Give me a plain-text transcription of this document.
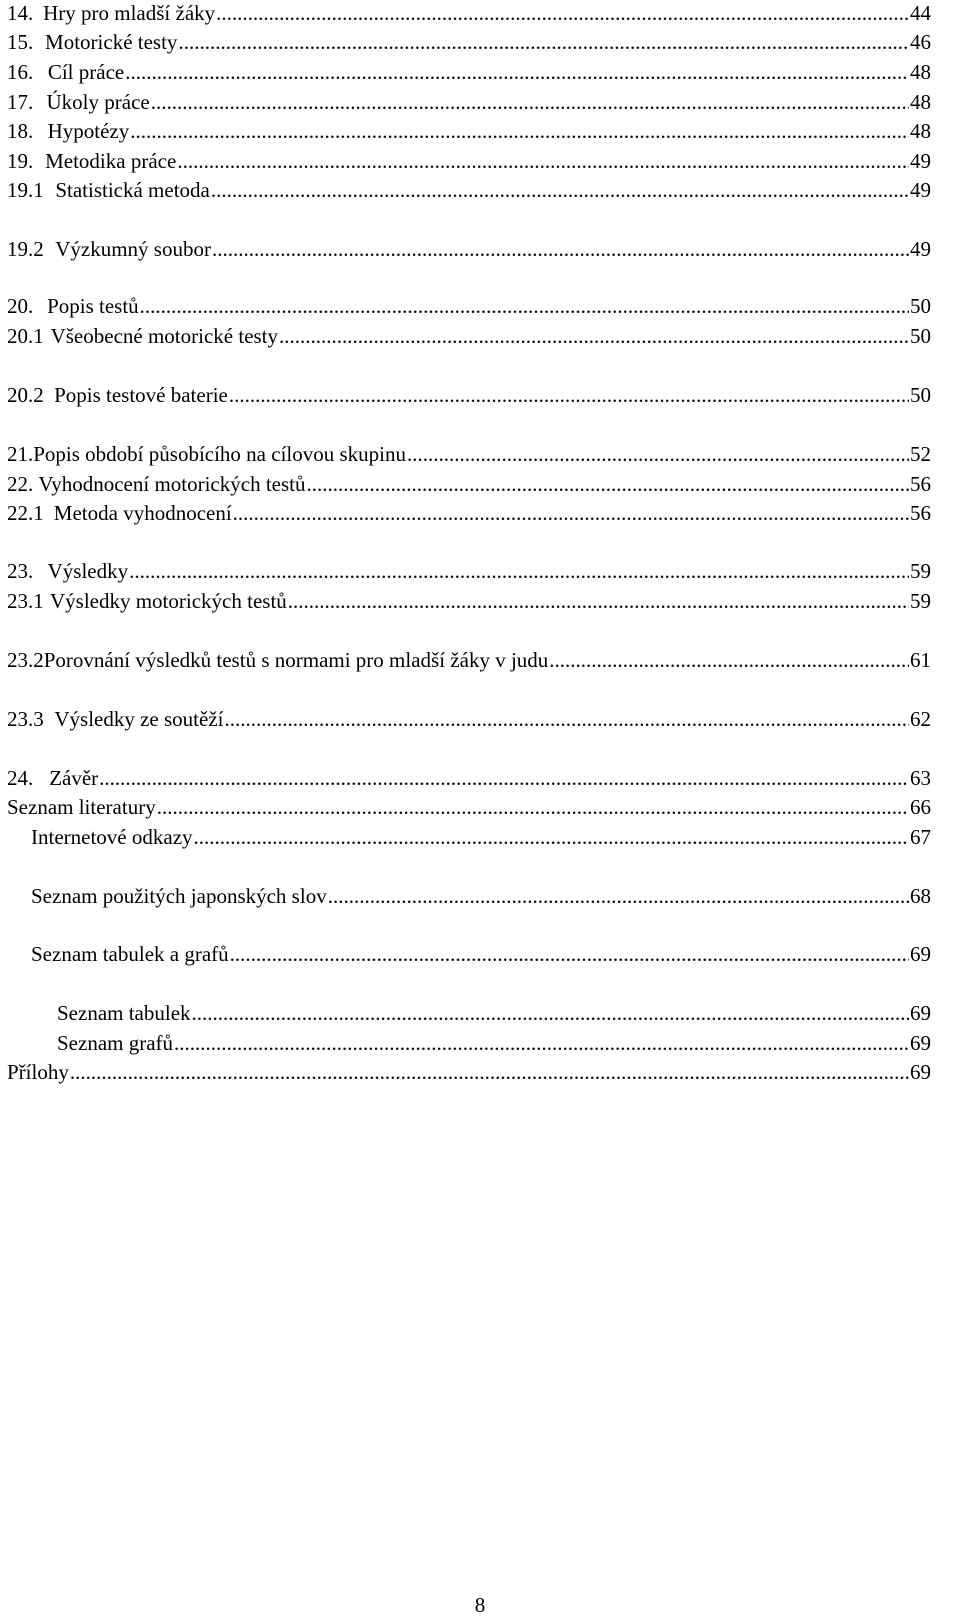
14. Hry pro mladší žáky .....	44
15. Motorické testy .....	46
16. Cíl práce .....	48
17. Úkoly práce .....	48
18. Hypotézy .....	48
19. Metodika práce .....	49
19.1 Statistická metoda .....	49
19.2 Výzkumný soubor .....	49
20. Popis testů .....	50
20.1 Všeobecné motorické testy .....	50
20.2 Popis testové baterie .....	50
21. Popis období působícího na cílovou skupinu .....	52
22. Vyhodnocení motorických testů .....	56
22.1 Metoda vyhodnocení .....	56
23. Výsledky .....	59
23.1 Výsledky motorických testů .....	59
23.2 Porovnání výsledků testů s normami pro mladší žáky v judu .....	61
23.3 Výsledky ze soutěží .....	62
24. Závěr .....	63
Seznam literatury .....	66
Internetové odkazy .....	67
Seznam použitých japonských slov .....	68
Seznam tabulek a grafů .....	69
Seznam tabulek .....	69
Seznam grafů .....	69
Přílohy .....	69
8
